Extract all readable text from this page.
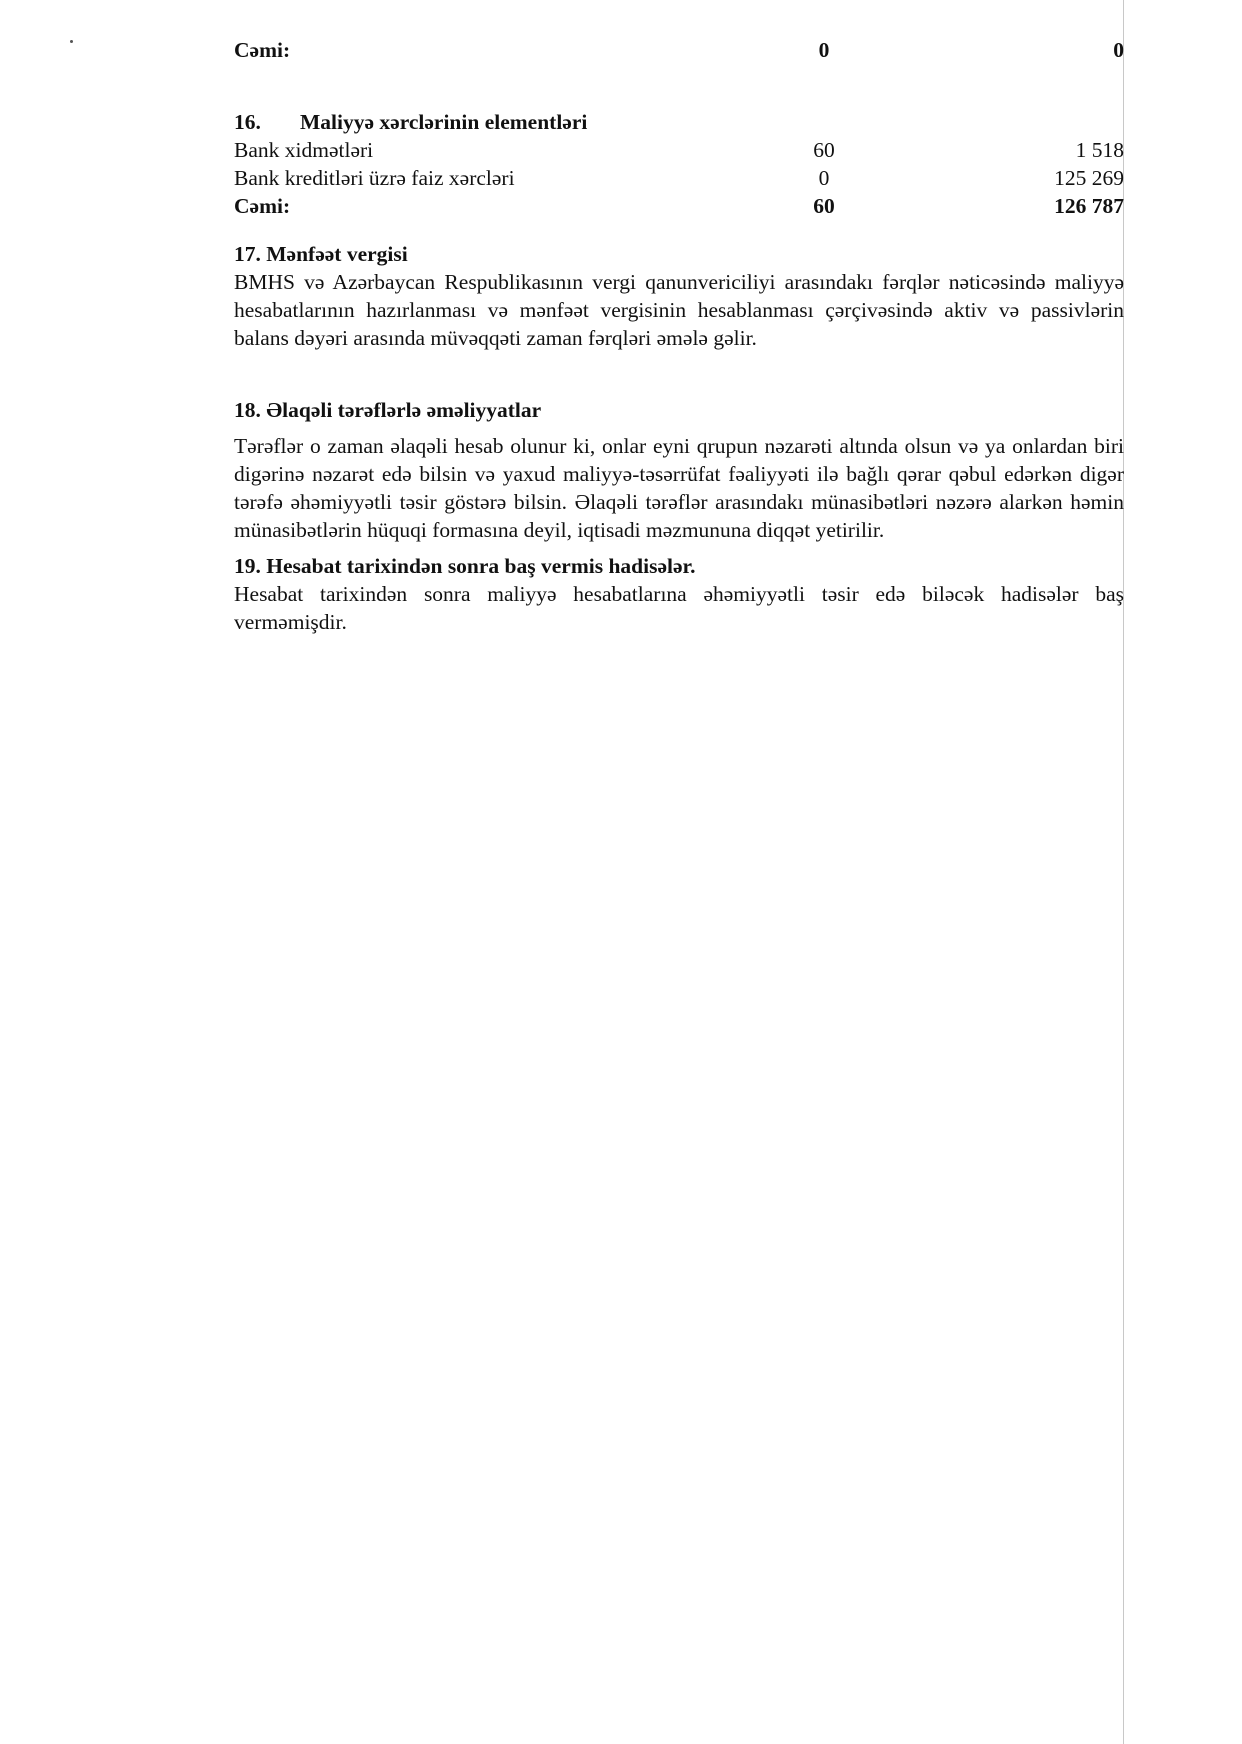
Cəmi:	0	0
16. Maliyyə xərclərinin elementləri
Bank xidmətləri	60	1 518
Bank kreditləri üzrə faiz xərcləri	0	125 269
Cəmi:	60	126 787
17. Mənfəət vergisi

BMHS və Azərbaycan Respublikasının vergi qanunvericiliyi arasındakı fərqlər nəticəsində maliyyə hesabatlarının hazırlanması və mənfəət vergisinin hesablanması çərçivəsində aktiv və passivlərin balans dəyəri arasında müvəqqəti zaman fərqləri əmələ gəlir.

18. Əlaqəli tərəflərlə əməliyyatlar

Tərəflər o zaman əlaqəli hesab olunur ki, onlar eyni qrupun nəzarəti altında olsun və ya onlardan biri digərinə nəzarət edə bilsin və yaxud maliyyə-təsərrüfat fəaliyyəti ilə bağlı qərar qəbul edərkən digər tərəfə əhəmiyyətli təsir göstərə bilsin. Əlaqəli tərəflər arasındakı münasibətləri nəzərə alarkən həmin münasibətlərin hüquqi formasına deyil, iqtisadi məzmununa diqqət yetirilir.

19. Hesabat tarixindən sonra baş vermis hadisələr.

Hesabat tarixindən sonra maliyyə hesabatlarına əhəmiyyətli təsir edə biləcək hadisələr baş verməmişdir.
